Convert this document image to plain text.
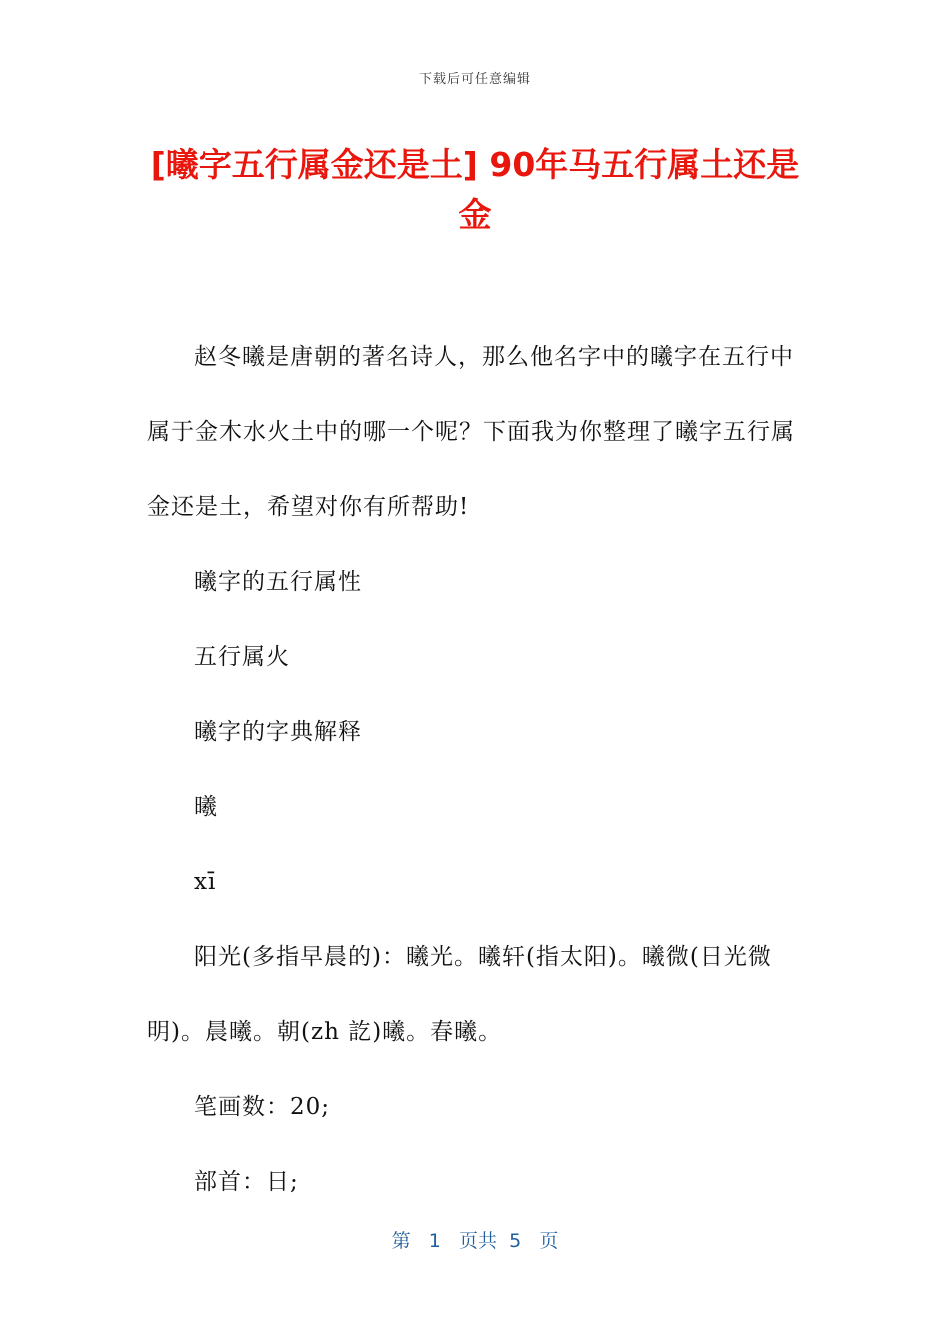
下载后可任意编辑
[曦字五行属金还是土] 90年马五行属土还是金

赵冬曦是唐朝的著名诗人，那么他名字中的曦字在五行中属于金木水火土中的哪一个呢？下面我为你整理了曦字五行属金还是土，希望对你有所帮助!

曦字的五行属性

五行属火

曦字的字典解释

曦

xī

阳光(多指早晨的)：曦光。曦轩(指太阳)。曦微(日光微明)。晨曦。朝(zh 訖)曦。春曦。

笔画数：20;

部首：日;

第 1 页共 5 页
